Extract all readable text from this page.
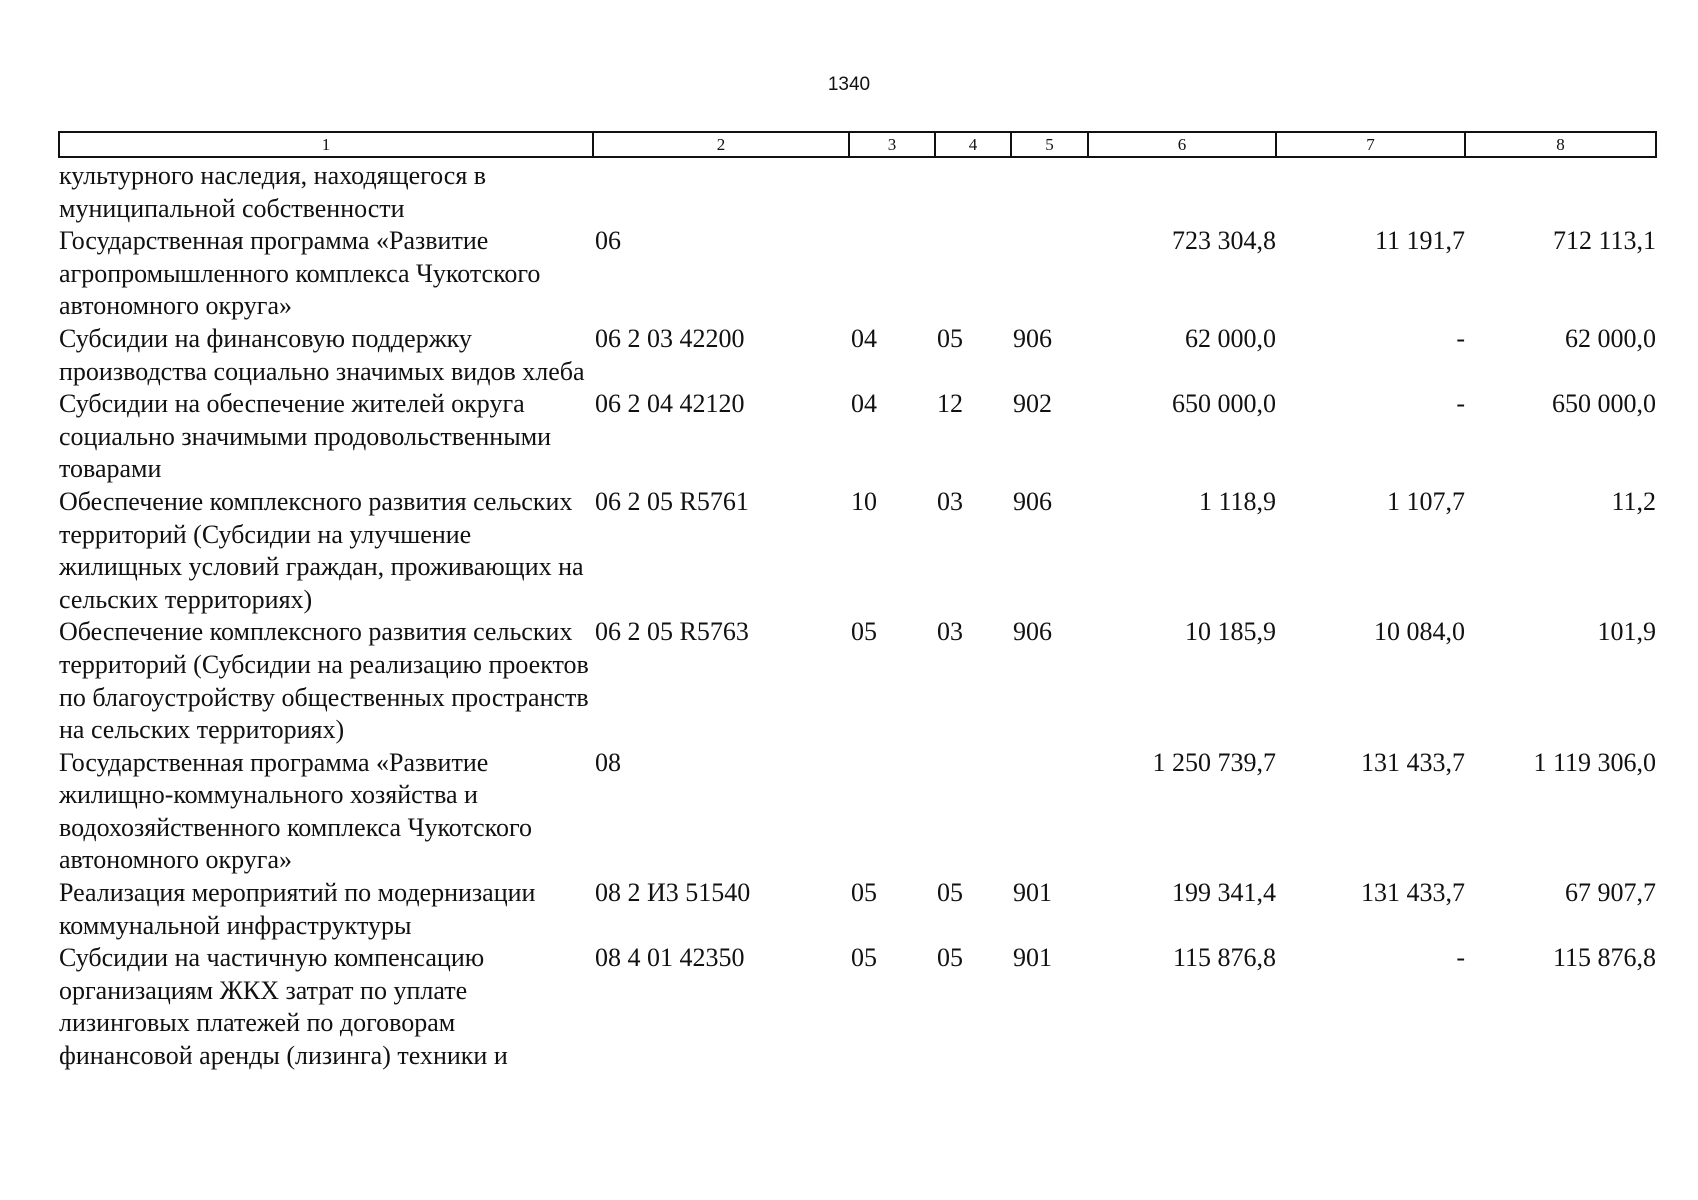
1340
1	2	3	4	5	6	7	8
культурного наследия, находящегося в муниципальной собственности							
Государственная программа «Развитие агропромышленного комплекса Чукотского автономного округа»	06				723 304,8	11 191,7	712 113,1
Субсидии на финансовую поддержку производства социально значимых видов хлеба	06 2 03 42200	04	05	906	62 000,0	-	62 000,0
Субсидии на обеспечение жителей округа социально значимыми продовольственными товарами	06 2 04 42120	04	12	902	650 000,0	-	650 000,0
Обеспечение комплексного развития сельских территорий (Субсидии на улучшение жилищных условий граждан, проживающих на сельских территориях)	06 2 05 R5761	10	03	906	1 118,9	1 107,7	11,2
Обеспечение комплексного развития сельских территорий (Субсидии на реализацию проектов по благоустройству общественных пространств на сельских территориях)	06 2 05 R5763	05	03	906	10 185,9	10 084,0	101,9
Государственная программа «Развитие жилищно-коммунального хозяйства и водохозяйственного комплекса Чукотского автономного округа»	08				1 250 739,7	131 433,7	1 119 306,0
Реализация мероприятий по модернизации коммунальной инфраструктуры	08 2 И3 51540	05	05	901	199 341,4	131 433,7	67 907,7
Субсидии на частичную компенсацию организациям ЖКХ затрат по уплате лизинговых платежей по договорам финансовой аренды (лизинга) техники и	08 4 01 42350	05	05	901	115 876,8	-	115 876,8
